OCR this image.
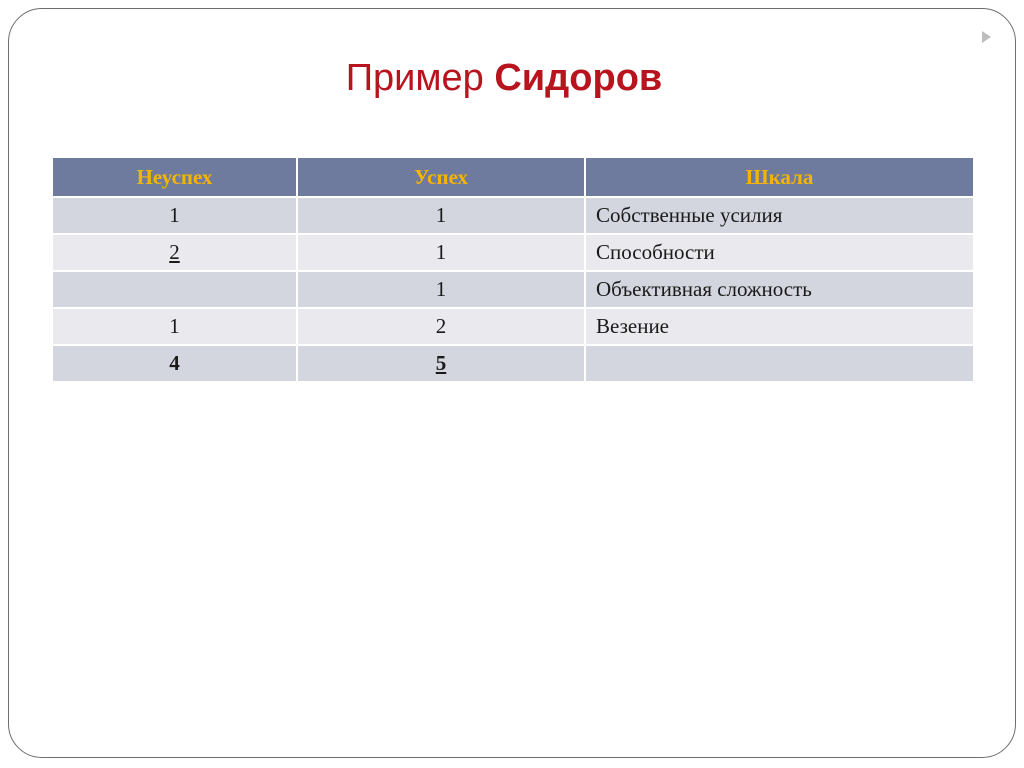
Пример Сидоров
Неуспех	Успех	Шкала
1	1	Собственные усилия
2	1	Способности
	1	Объективная сложность
1	2	Везение
4	5	
